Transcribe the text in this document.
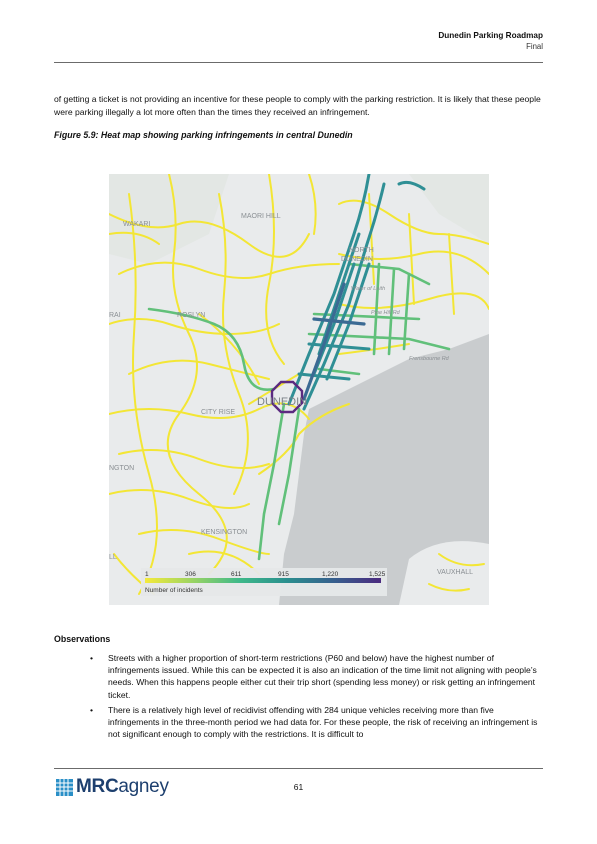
Dunedin Parking Roadmap
Final
of getting a ticket is not providing an incentive for these people to comply with the parking restriction. It is likely that these people were parking illegally a lot more often than the times they received an infringement.
Figure 5.9: Heat map showing parking infringements in central Dunedin
WAKARI
MAORI HILL
NORTH
DUNEDIN
Water of Leith
ROSLYN
RAI
DUNEDIN
CITY RISE
NGTON
KENSINGTON
VAUXHALL
LL
Frensbourne Rd
Pine Hill Rd
1	306	611	915	1,220	1,525
Number of incidents
Observations
• Streets with a higher proportion of short-term restrictions (P60 and below) have the highest number of infringements issued. While this can be expected it is also an indication of the time limit not aligning with people’s needs. When this happens people either cut their trip short (spending less money) or risk getting an infringement ticket.
• There is a relatively high level of recidivist offending with 284 unique vehicles receiving more than five infringements in the three-month period we had data for. For these people, the risk of receiving an infringement is not significant enough to comply with the restrictions. It is difficult to
MRCagney	61
